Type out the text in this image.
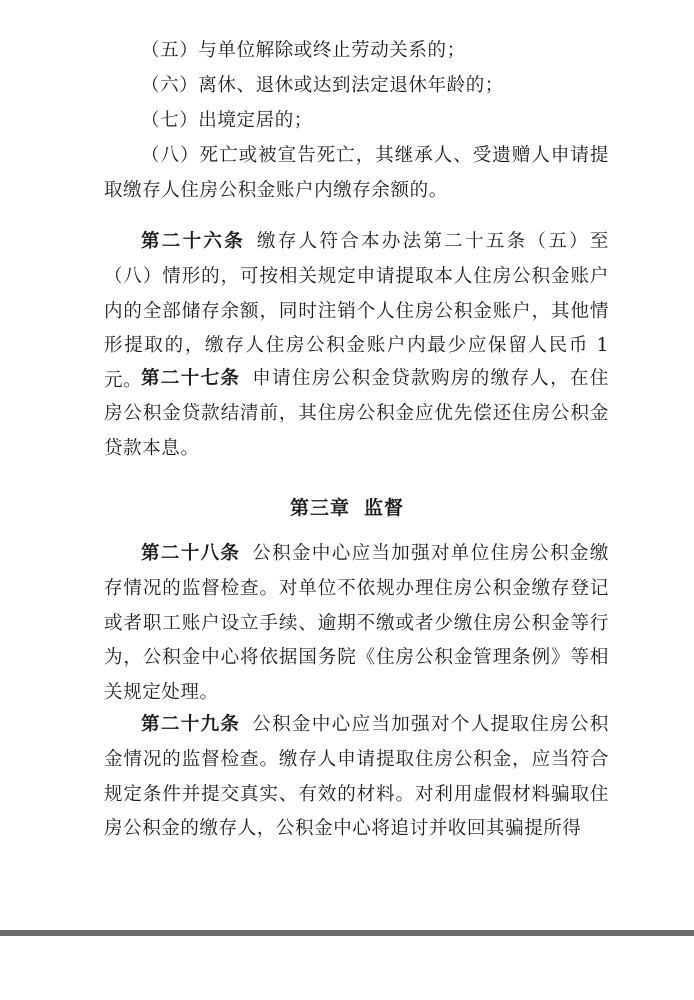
（五）与单位解除或终止劳动关系的；
（六）离休、退休或达到法定退休年龄的；
（七）出境定居的；
（八）死亡或被宣告死亡，其继承人、受遗赠人申请提取缴存人住房公积金账户内缴存余额的。
第二十六条 缴存人符合本办法第二十五条（五）至（八）情形的，可按相关规定申请提取本人住房公积金账户内的全部储存余额，同时注销个人住房公积金账户，其他情形提取的，缴存人住房公积金账户内最少应保留人民币 1 元。
第二十七条 申请住房公积金贷款购房的缴存人，在住房公积金贷款结清前，其住房公积金应优先偿还住房公积金贷款本息。
第三章 监督
第二十八条 公积金中心应当加强对单位住房公积金缴存情况的监督检查。对单位不依规办理住房公积金缴存登记或者职工账户设立手续、逾期不缴或者少缴住房公积金等行为，公积金中心将依据国务院《住房公积金管理条例》等相关规定处理。
第二十九条 公积金中心应当加强对个人提取住房公积金情况的监督检查。缴存人申请提取住房公积金，应当符合规定条件并提交真实、有效的材料。对利用虚假材料骗取住房公积金的缴存人，公积金中心将追讨并收回其骗提所得
